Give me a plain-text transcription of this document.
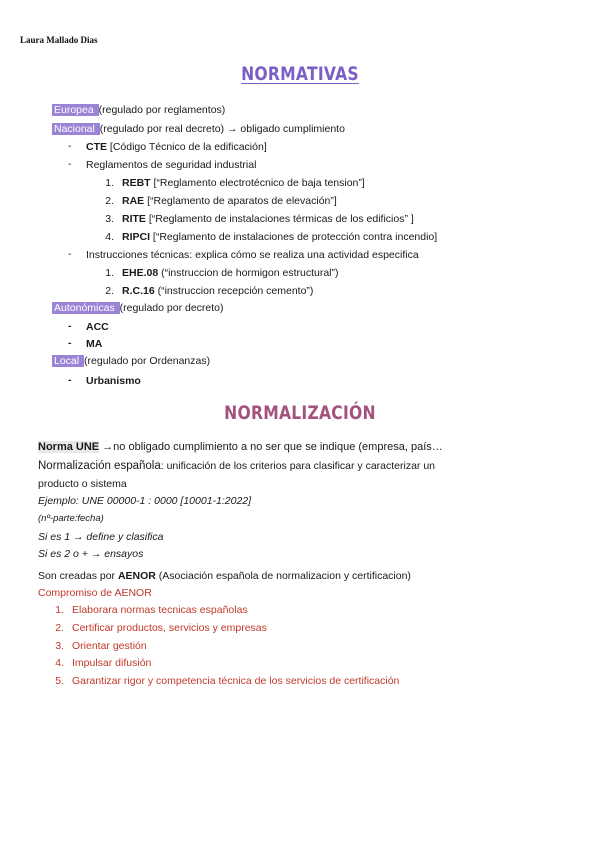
Laura Mallado Dias
NORMATIVAS
Europea (regulado por reglamentos)
Nacional (regulado por real decreto) → obligado cumplimiento
- CTE [Código Técnico de la edificación]
- Reglamentos de seguridad industrial
1. REBT [“Reglamento electrotécnico de baja tension”]
2. RAE [“Reglamento de aparatos de elevación”]
3. RITE [“Reglamento de instalaciones térmicas de los edificios” ]
4. RIPCI [“Reglamento de instalaciones de protección contra incendio]
- Instrucciones técnicas: explica cómo se realiza una actividad especifica
1. EHE.08 (“instruccion de hormigon estructural”)
2. R.C.16 (“instruccion recepción cemento”)
Autonómicas (regulado por decreto)
- ACC
- MA
Local (regulado por Ordenanzas)
- Urbanismo
NORMALIZACIÓN
Norma UNE →no obligado cumplimiento a no ser que se indique (empresa, país…
Normalización española: unificación de los criterios para clasificar y caracterizar un
producto o sistema
Ejemplo: UNE 00000-1 : 0000 [10001-1:2022]
(nº-parte:fecha)
Si es 1 → define y clasifica
Si es 2 o + → ensayos
Son creadas por AENOR (Asociación española de normalizacion y certificacion)
Compromiso de AENOR
1. Elaborara normas tecnicas españolas
2. Certificar productos, servicios y empresas
3. Orientar gestión
4. Impulsar difusión
5. Garantizar rigor y competencia técnica de los servicios de certificación
